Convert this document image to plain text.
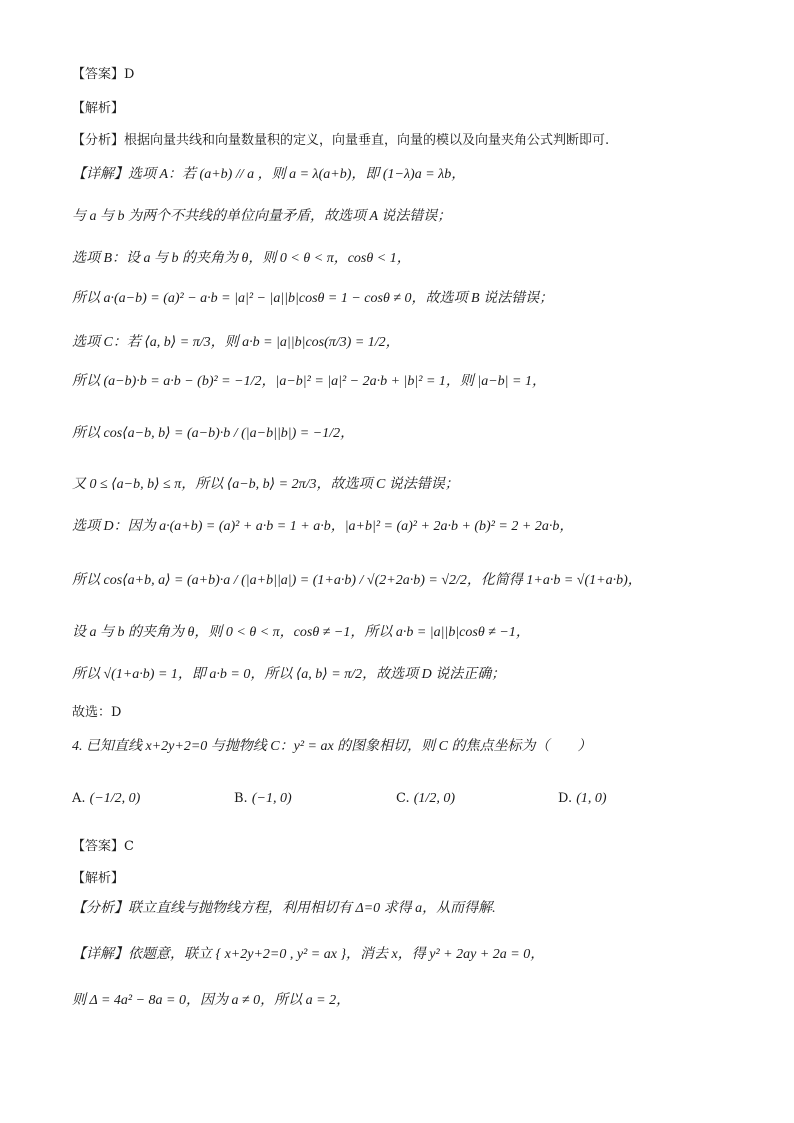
【答案】D
【解析】
【分析】根据向量共线和向量数量积的定义，向量垂直，向量的模以及向量夹角公式判断即可.
【详解】选项 A：若 (a+b) // a ，则 a = λ(a+b)，即 (1−λ)a = λb，
与 a 与 b 为两个不共线的单位向量矛盾，故选项 A 说法错误；
选项 B：设 a 与 b 的夹角为 θ，则 0 < θ < π，cosθ < 1，
所以 a·(a−b) = (a)² − a·b = |a|² − |a||b|cosθ = 1 − cosθ ≠ 0，故选项 B 说法错误；
选项 C：若 ⟨a, b⟩ = π/3，则 a·b = |a||b|cos(π/3) = 1/2，
所以 (a−b)·b = a·b − (b)² = −1/2，|a−b|² = |a|² − 2a·b + |b|² = 1，则 |a−b| = 1，
所以 cos⟨a−b, b⟩ = (a−b)·b / (|a−b||b|) = −1/2，
又 0 ≤ ⟨a−b, b⟩ ≤ π，所以 ⟨a−b, b⟩ = 2π/3，故选项 C 说法错误；
选项 D：因为 a·(a+b) = (a)² + a·b = 1 + a·b，|a+b|² = (a)² + 2a·b + (b)² = 2 + 2a·b，
所以 cos⟨a+b, a⟩ = (a+b)·a / (|a+b||a|) = (1+a·b) / √(2+2a·b) = √2/2，化简得 1+a·b = √(1+a·b)，
设 a 与 b 的夹角为 θ，则 0 < θ < π，cosθ ≠ −1，所以 a·b = |a||b|cosθ ≠ −1，
所以 √(1+a·b) = 1，即 a·b = 0，所以 ⟨a, b⟩ = π/2，故选项 D 说法正确；
故选：D
4. 已知直线 x+2y+2=0 与抛物线 C：y² = ax 的图象相切，则 C 的焦点坐标为（　　）
A. (−1/2, 0)	B. (−1, 0)	C. (1/2, 0)	D. (1, 0)
【答案】C
【解析】
【分析】联立直线与抛物线方程，利用相切有 Δ=0 求得 a，从而得解.
【详解】依题意，联立 { x+2y+2=0 , y² = ax }，消去 x，得 y² + 2ay + 2a = 0，
则 Δ = 4a² − 8a = 0，因为 a ≠ 0，所以 a = 2，
